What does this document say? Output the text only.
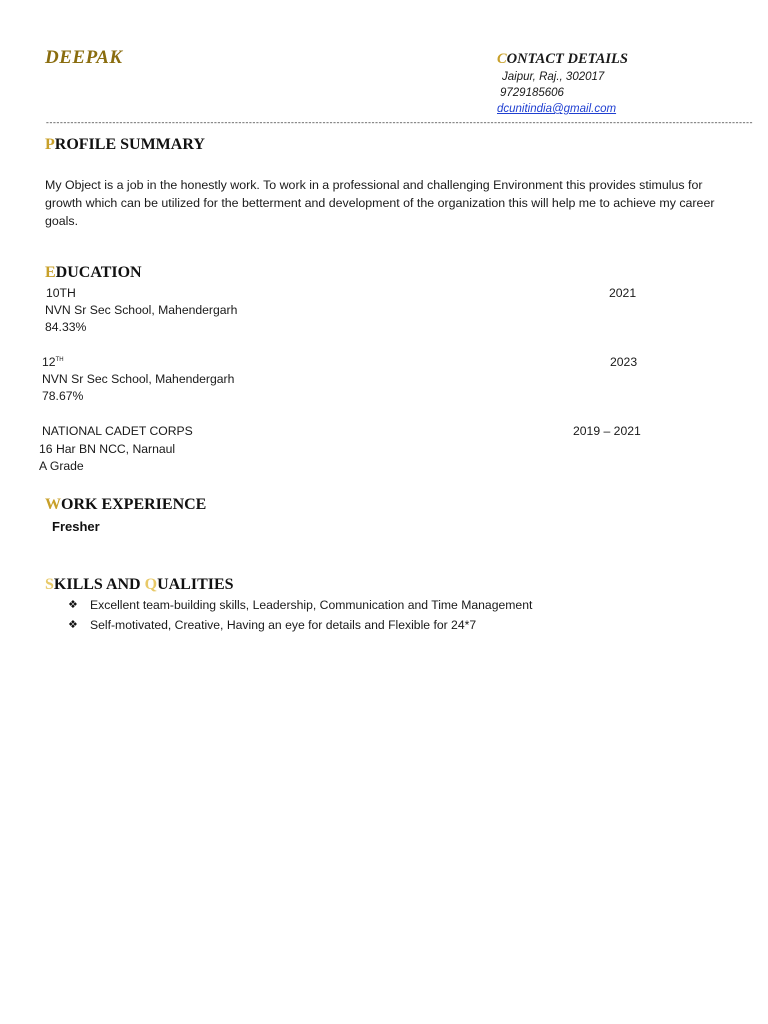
DEEPAK	CONTACT DETAILS
Jaipur, Raj., 302017
9729185606
dcunitindia@gmail.com
----------------------------------------------------------------------------------------------------------------------------------------------------------------------------------------------------------
PROFILE SUMMARY
My Object is a job in the honestly work. To work in a professional and challenging Environment this provides stimulus for growth which can be utilized for the betterment and development of the organization this will help me to achieve my career goals.
EDUCATION
10TH	2021
NVN Sr Sec School, Mahendergarh
84.33%
12TH	2023
NVN Sr Sec School, Mahendergarh
78.67%
NATIONAL CADET CORPS	2019 – 2021
16 Har BN NCC, Narnaul
A Grade
WORK EXPERIENCE
Fresher
SKILLS AND QUALITIES
❖ Excellent team-building skills, Leadership, Communication and Time Management
❖ Self-motivated, Creative, Having an eye for details and Flexible for 24*7
